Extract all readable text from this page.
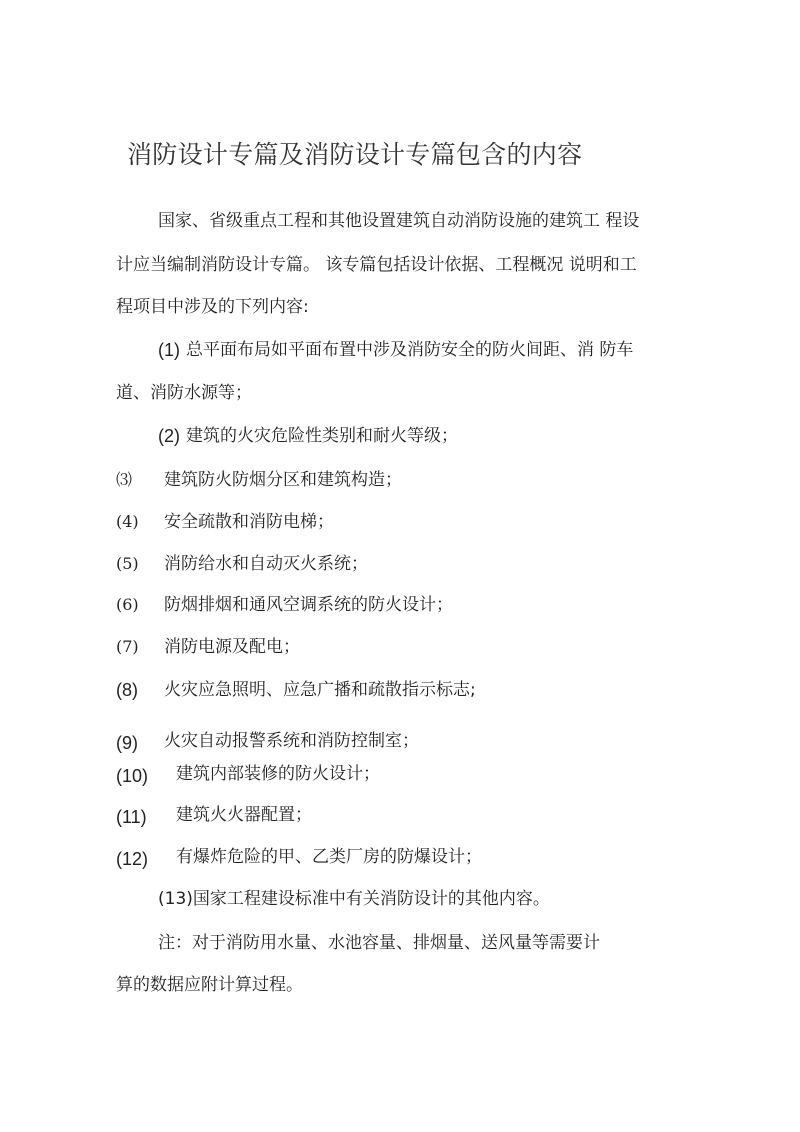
消防设计专篇及消防设计专篇包含的内容
国家、省级重点工程和其他设置建筑自动消防设施的建筑工 程设
计应当编制消防设计专篇。 该专篇包括设计依据、工程概况 说明和工
程项目中涉及的下列内容:
(1) 总平面布局如平面布置中涉及消防安全的防火间距、消 防车
道、消防水源等；
(2) 建筑的火灾危险性类别和耐火等级；
⑶ 建筑防火防烟分区和建筑构造；
(4) 安全疏散和消防电梯；
(5) 消防给水和自动灭火系统；
(6) 防烟排烟和通风空调系统的防火设计；
(7) 消防电源及配电；
(8) 火灾应急照明、应急广播和疏散指示标志;
(9) 火灾自动报警系统和消防控制室；
(10) 建筑内部装修的防火设计；
(11) 建筑火火器配置；
(12) 有爆炸危险的甲、乙类厂房的防爆设计；
(13)国家工程建设标准中有关消防设计的其他内容。
注：对于消防用水量、水池容量、排烟量、送风量等需要计
算的数据应附计算过程。
